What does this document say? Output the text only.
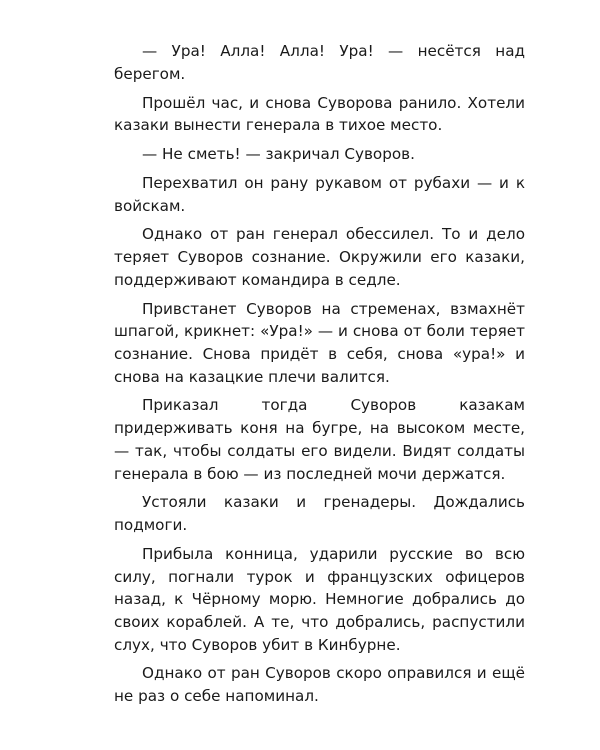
— Ура! Алла! Алла! Ура! — несётся над берегом.

Прошёл час, и снова Суворова ранило. Хотели казаки вынести генерала в тихое место.

— Не сметь! — закричал Суворов.

Перехватил он рану рукавом от рубахи — и к войскам.

Однако от ран генерал обессилел. То и дело теряет Суворов сознание. Окружили его казаки, поддерживают командира в седле.

Привстанет Суворов на стременах, взмахнёт шпагой, крикнет: «Ура!» — и снова от боли теряет сознание. Снова придёт в себя, снова «ура!» и снова на казацкие плечи валится.

Приказал тогда Суворов казакам придерживать коня на бугре, на высоком месте, — так, чтобы солдаты его видели. Видят солдаты генерала в бою — из последней мочи держатся.

Устояли казаки и гренадеры. Дождались подмоги.

Прибыла конница, ударили русские во всю силу, погнали турок и французских офицеров назад, к Чёрному морю. Немногие добрались до своих кораблей. А те, что добрались, распустили слух, что Суворов убит в Кинбурне.

Однако от ран Суворов скоро оправился и ещё не раз о себе напоминал.
